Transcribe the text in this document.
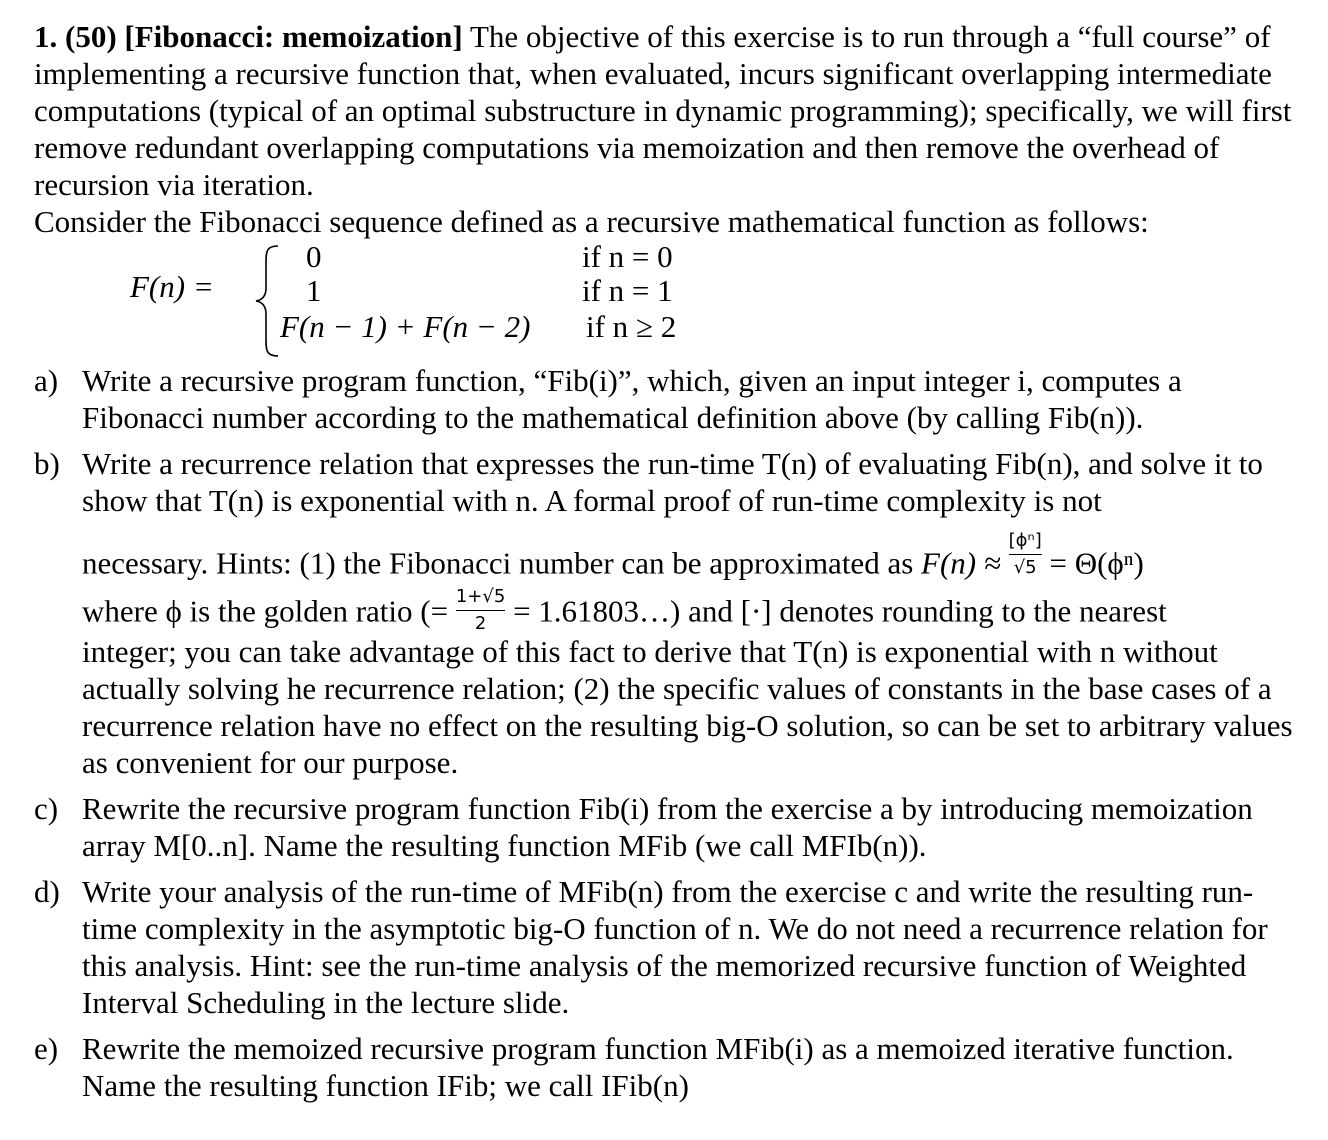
1. (50) [Fibonacci: memoization] The objective of this exercise is to run through a “full course” of implementing a recursive function that, when evaluated, incurs significant overlapping intermediate computations (typical of an optimal substructure in dynamic programming); specifically, we will first remove redundant overlapping computations via memoization and then remove the overhead of recursion via iteration.

Consider the Fibonacci sequence defined as a recursive mathematical function as follows:

F(n) =
0	if n = 0
1	if n = 1
F(n − 1) + F(n − 2) if n ≥ 2
a) Write a recursive program function, “Fib(i)”, which, given an input integer i, computes a Fibonacci number according to the mathematical definition above (by calling Fib(n)).
b) Write a recurrence relation that expresses the run-time T(n) of evaluating Fib(n), and solve it to show that T(n) is exponential with n. A formal proof of run-time complexity is not
necessary. Hints: (1) the Fibonacci number can be approximated as $F(n) \approx \frac{\text{[ϕⁿ]}}{√5} = \Theta(\phi^n)$
where ϕ is the golden ratio (= $\frac{1+√5}{2}$ = 1.61803…) and [·] denotes rounding to the nearest
integer; you can take advantage of this fact to derive that T(n) is exponential with n without actually solving he recurrence relation; (2) the specific values of constants in the base cases of a recurrence relation have no effect on the resulting big-O solution, so can be set to arbitrary values as convenient for our purpose.
c) Rewrite the recursive program function Fib(i) from the exercise a by introducing memoization array M[0..n]. Name the resulting function MFib (we call MFIb(n)).
d) Write your analysis of the run-time of MFib(n) from the exercise c and write the resulting run-time complexity in the asymptotic big-O function of n. We do not need a recurrence relation for this analysis. Hint: see the run-time analysis of the memorized recursive function of Weighted Interval Scheduling in the lecture slide.
e) Rewrite the memoized recursive program function MFib(i) as a memoized iterative function. Name the resulting function IFib; we call IFib(n)
